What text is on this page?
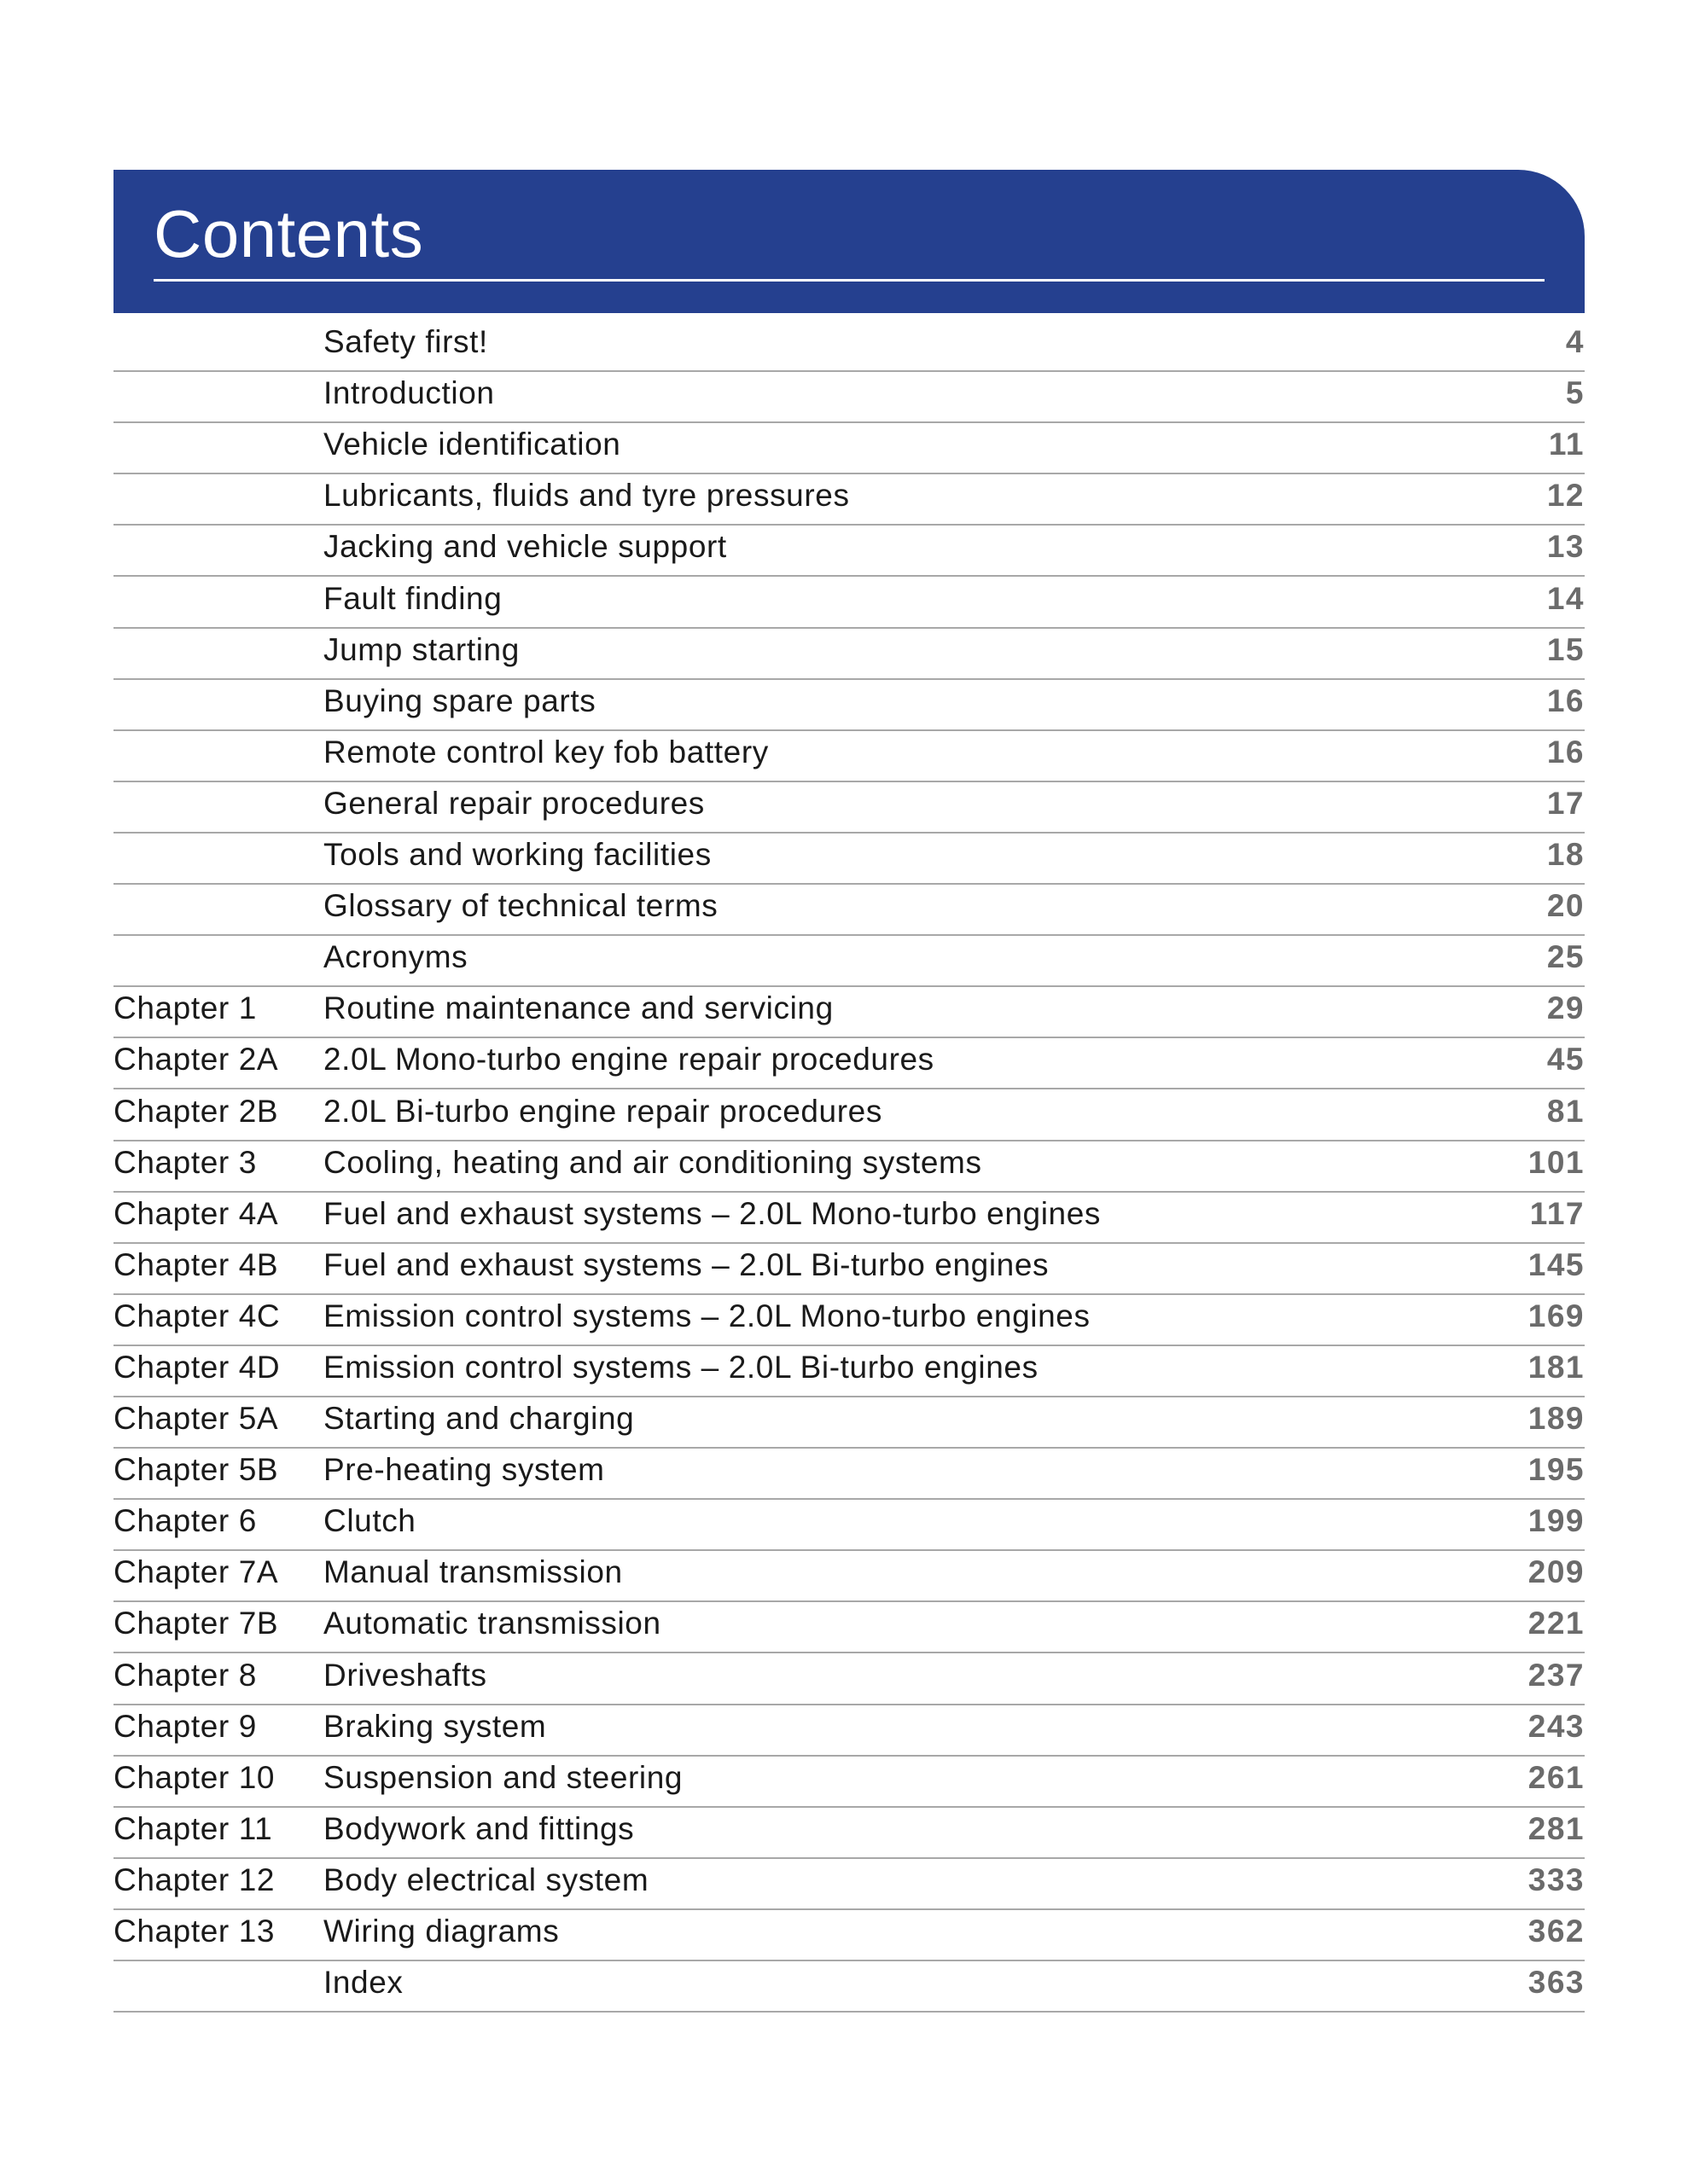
Contents
Safety first!	4
Introduction	5
Vehicle identification	11
Lubricants, fluids and tyre pressures	12
Jacking and vehicle support	13
Fault finding	14
Jump starting	15
Buying spare parts	16
Remote control key fob battery	16
General repair procedures	17
Tools and working facilities	18
Glossary of technical terms	20
Acronyms	25
Chapter 1 Routine maintenance and servicing	29
Chapter 2A 2.0L Mono-turbo engine repair procedures	45
Chapter 2B 2.0L Bi-turbo engine repair procedures	81
Chapter 3 Cooling, heating and air conditioning systems	101
Chapter 4A Fuel and exhaust systems – 2.0L Mono-turbo engines	117
Chapter 4B Fuel and exhaust systems – 2.0L Bi-turbo engines	145
Chapter 4C Emission control systems – 2.0L Mono-turbo engines	169
Chapter 4D Emission control systems – 2.0L Bi-turbo engines	181
Chapter 5A Starting and charging	189
Chapter 5B Pre-heating system	195
Chapter 6 Clutch	199
Chapter 7A Manual transmission	209
Chapter 7B Automatic transmission	221
Chapter 8 Driveshafts	237
Chapter 9 Braking system	243
Chapter 10 Suspension and steering	261
Chapter 11 Bodywork and fittings	281
Chapter 12 Body electrical system	333
Chapter 13 Wiring diagrams	362
Index	363
